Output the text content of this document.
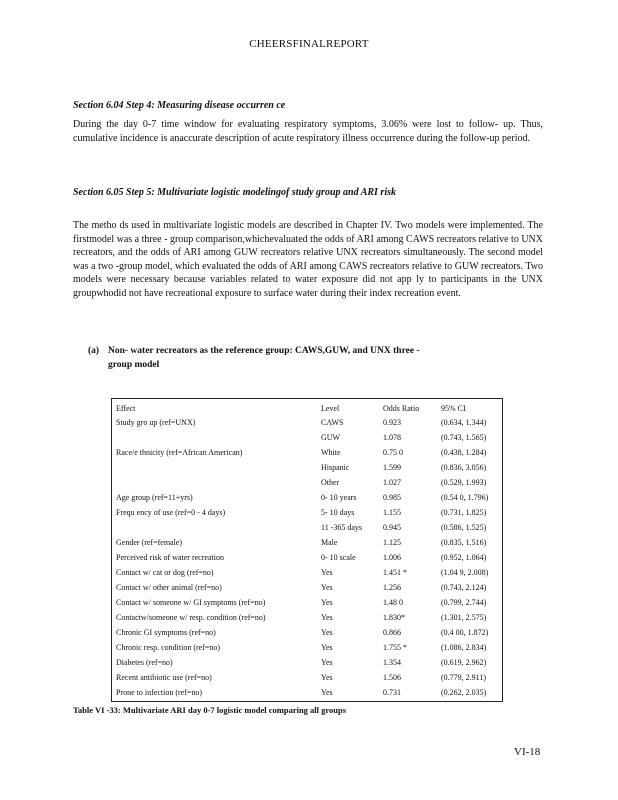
CHEERSFINALREPORT
Section 6.04 Step 4: Measuring disease occurren ce
During the day 0-7 time window for evaluating respiratory symptoms, 3.06% were lost to follow- up. Thus, cumulative incidence is anaccurate description of acute respiratory illness occurrence during the follow-up period.
Section 6.05 Step 5: Multivariate logistic modelingof study group and ARI risk
The metho ds used in multivariate logistic models are described in Chapter IV. Two models were implemented. The firstmodel was a three - group comparison,whichevaluated the odds of ARI among CAWS recreators relative to UNX recreators, and the odds of ARI among GUW recreators relative UNX recreators simultaneously. The second model was a two -group model, which evaluated the odds of ARI among CAWS recreators relative to GUW recreators. Two models were necessary because variables related to water exposure did not app ly to participants in the UNX groupwhodid not have recreational exposure to surface water during their index recreation event.
(a) Non- water recreators as the reference group: CAWS,GUW, and UNX three -
group model
Effect	Level	Odds Ratio	95% CI
Study gro up (ref=UNX)	CAWS	0.923	(0.634, 1.344)
	GUW	1.078	(0.743, 1.565)
Race/e thnicity (ref=African American)	White	0.75 0	(0.438, 1.284)
	Hispanic	1.599	(0.836, 3.056)
	Other	1.027	(0.529, 1.993)
Age group (ref=11+yrs)	0- 10 years	0.985	(0.54 0, 1.796)
Frequ ency of use (ref=0 - 4 days)	5- 10 days	1.155	(0.731, 1.825)
	11 -365 days	0.945	(0.586, 1.525)
Gender (ref=female)	Male	1.125	(0.835, 1.516)
Perceived risk of water recreation	0- 10 scale	1.006	(0.952, 1.064)
Contact w/ cat or dog (ref=no)	Yes	1.451 *	(1.04 9, 2.008)
Contact w/ other animal (ref=no)	Yes	1.256	(0.743, 2.124)
Contact w/ someone w/ GI symptoms (ref=no)	Yes	1.48 0	(0.799, 2.744)
Contactw/someone w/ resp. condition (ref=no)	Yes	1.830*	(1.301, 2.575)
Chronic GI symptoms (ref=no)	Yes	0.866	(0.4 00, 1.872)
Chronic resp. condition (ref=no)	Yes	1.755 *	(1.086, 2.834)
Diabetes (ref=no)	Yes	1.354	(0.619, 2.962)
Recent antibiotic use (ref=no)	Yes	1.506	(0.779, 2.911)
Prone to infection (ref=no)	Yes	0.731	(0.262, 2.035)
Table VI -33: Multivariate ARI day 0-7 logistic model comparing all groups
VI-18
